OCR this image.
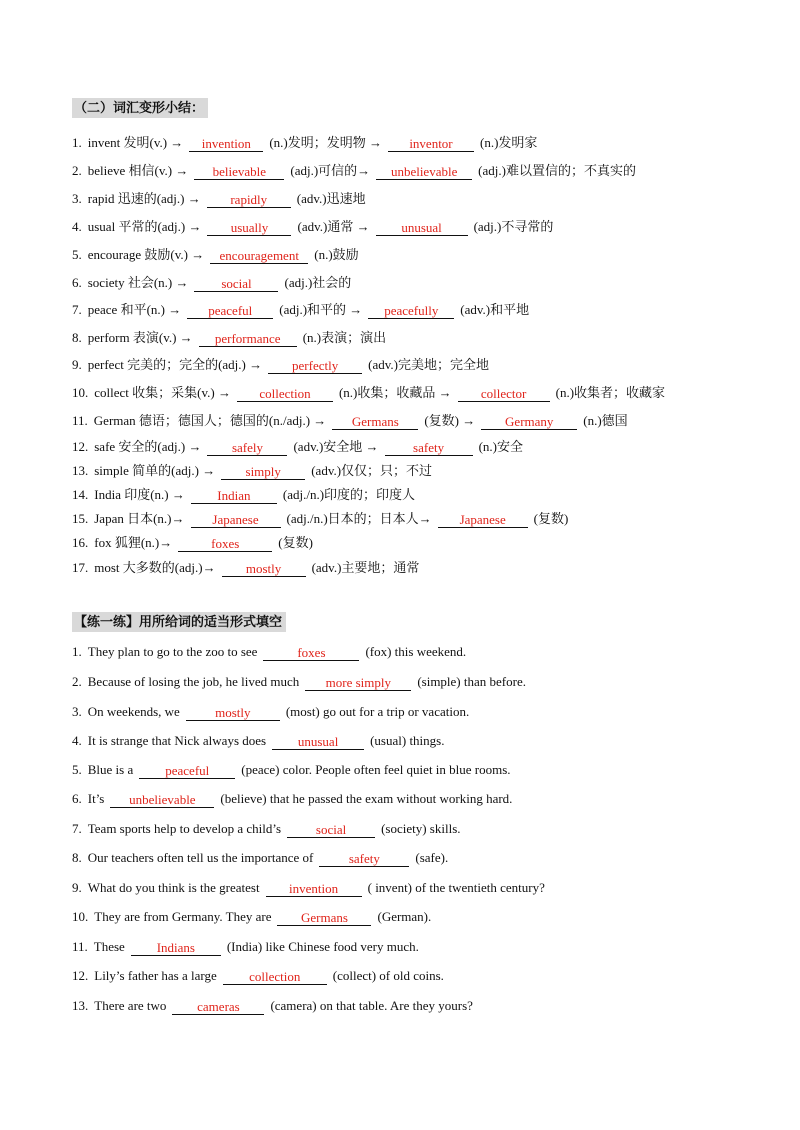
（二）词汇变形小结：
1. invent 发明(v.) → invention (n.)发明；发明物 → inventor (n.)发明家
2. believe 相信(v.) → believable (adj.)可信的→ unbelievable (adj.)难以置信的；不真实的
3. rapid 迅速的(adj.) → rapidly (adv.)迅速地
4. usual 平常的(adj.) → usually (adv.)通常 → unusual (adj.)不寻常的
5. encourage 鼓励(v.) → encouragement (n.)鼓励
6. society 社会(n.) →	social	(adj.)社会的
7. peace 和平(n.) → peaceful (adj.)和平的 → peacefully (adv.)和平地
8. perform 表演(v.) → performance (n.)表演；演出
9. perfect 完美的；完全的(adj.) → perfectly (adv.)完美地；完全地
10. collect 收集；采集(v.) → collection (n.)收集；收藏品 → collector (n.)收集者；收藏家
11. German 德语；德国人；德国的(n./adj.) → Germans (复数) → Germany (n.)德国
12. safe 安全的(adj.) → safely (adv.)安全地 →	safety	(n.)安全
13. simple 简单的(adj.) → simply (adv.)仅仅；只；不过
14. India 印度(n.) → Indian (adj./n.)印度的；印度人
15. Japan 日本(n.)→ Japanese (adj./n.)日本的；日本人→ Japanese (复数)
16. fox 狐狸(n.)→	foxes	(复数)
17. most 大多数的(adj.)→ mostly (adv.)主要地；通常
【练一练】用所给词的适当形式填空
1. They plan to go to the zoo to see	foxes	(fox) this weekend.
2. Because of losing the job, he lived much more simply (simple) than before.
3. On weekends, we	mostly	(most) go out for a trip or vacation.
4. It is strange that Nick always does unusual (usual) things.
5. Blue is a peaceful (peace) color. People often feel quiet in blue rooms.
6. It’s unbelievable (believe) that he passed the exam without working hard.
7. Team sports help to develop a child’s	social	(society) skills.
8. Our teachers often tell us the importance of	safety	(safe).
9. What do you think is the greatest invention ( invent) of the twentieth century?
10. They are from Germany. They are Germans (German).
11. These Indians (India) like Chinese food very much.
12. Lily’s father has a large collection (collect) of old coins.
13. There are two cameras (camera) on that table. Are they yours?
